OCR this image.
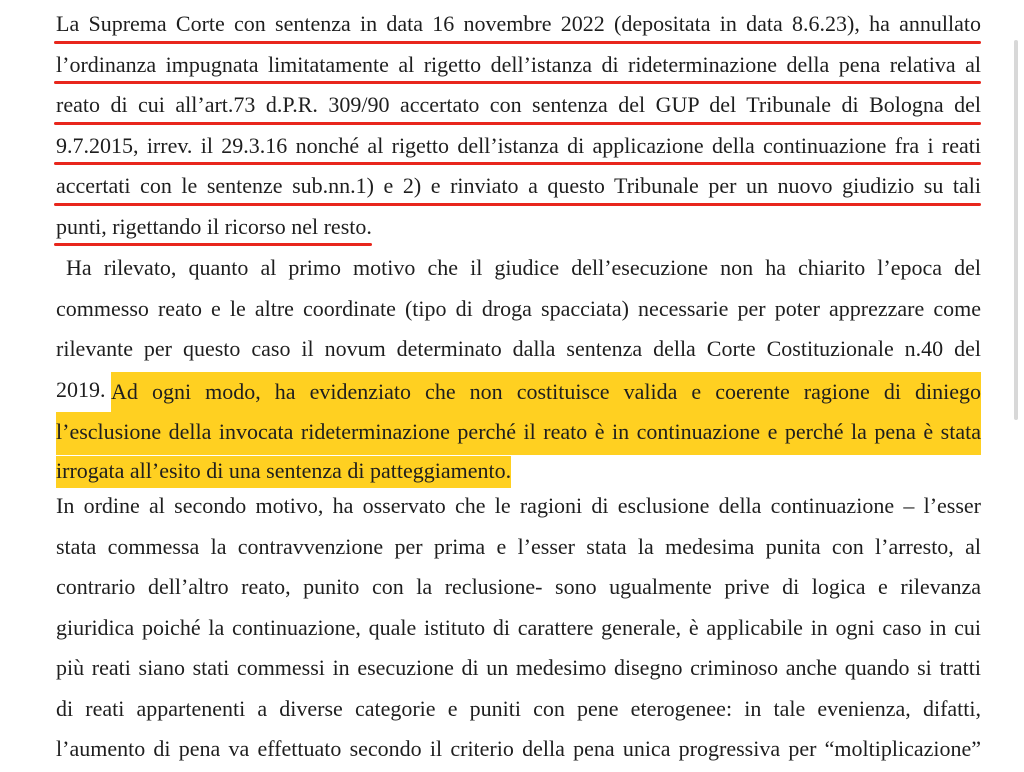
La Suprema Corte con sentenza in data 16 novembre 2022 (depositata in data 8.6.23), ha annullato
l’ordinanza impugnata limitatamente al rigetto dell’istanza di rideterminazione della pena relativa al
reato di cui all’art.73 d.P.R. 309/90 accertato con sentenza del GUP del Tribunale di Bologna del
9.7.2015, irrev. il 29.3.16 nonché al rigetto dell’istanza di applicazione della continuazione fra i reati
accertati con le sentenze sub.nn.1) e 2) e rinviato a questo Tribunale per un nuovo giudizio su tali
punti, rigettando il ricorso nel resto.
Ha rilevato, quanto al primo motivo che il giudice dell’esecuzione non ha chiarito l’epoca del
commesso reato e le altre coordinate (tipo di droga spacciata) necessarie per poter apprezzare come
rilevante per questo caso il novum determinato dalla sentenza della Corte Costituzionale n.40 del
2019. Ad ogni modo, ha evidenziato che non costituisce valida e coerente ragione di diniego
l’esclusione della invocata rideterminazione perché il reato è in continuazione e perché la pena è stata
irrogata all’esito di una sentenza di patteggiamento.
In ordine al secondo motivo, ha osservato che le ragioni di esclusione della continuazione – l’esser
stata commessa la contravvenzione per prima e l’esser stata la medesima punita con l’arresto, al
contrario dell’altro reato, punito con la reclusione- sono ugualmente prive di logica e rilevanza
giuridica poiché la continuazione, quale istituto di carattere generale, è applicabile in ogni caso in cui
più reati siano stati commessi in esecuzione di un medesimo disegno criminoso anche quando si tratti
di reati appartenenti a diverse categorie e puniti con pene eterogenee: in tale evenienza, difatti,
l’aumento di pena va effettuato secondo il criterio della pena unica progressiva per “moltiplicazione”
